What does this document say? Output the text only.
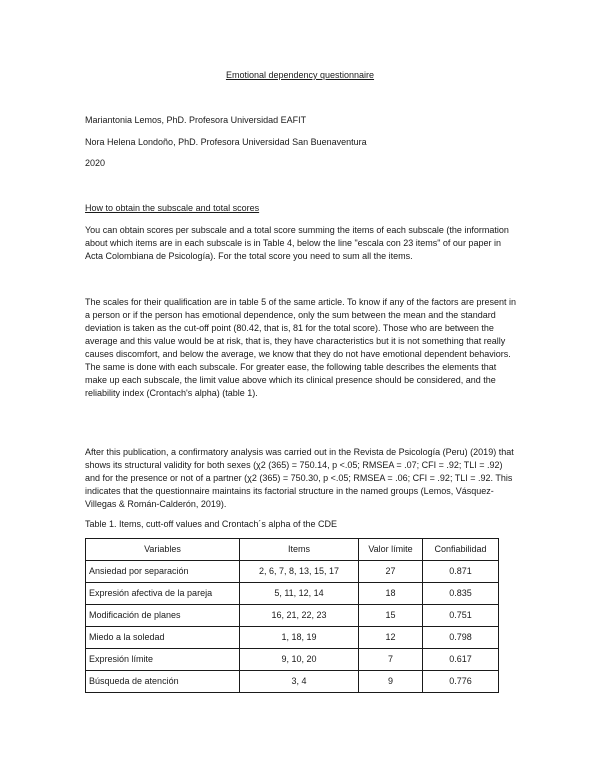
Emotional dependency questionnaire
Mariantonia Lemos, PhD. Profesora Universidad EAFIT
Nora Helena Londoño, PhD. Profesora Universidad San Buenaventura
2020
How to obtain the subscale and total scores
You can obtain scores per subscale and a total score summing the items of each subscale (the information about which items are in each subscale is in Table 4, below the line "escala con 23 items" of our paper in Acta Colombiana de Psicología). For the total score you need to sum all the items.
The scales for their qualification are in table 5 of the same article. To know if any of the factors are present in a person or if the person has emotional dependence, only the sum between the mean and the standard deviation is taken as the cut-off point (80.42, that is, 81 for the total score). Those who are between the average and this value would be at risk, that is, they have characteristics but it is not something that really causes discomfort, and below the average, we know that they do not have emotional dependent behaviors. The same is done with each subscale. For greater ease, the following table describes the elements that make up each subscale, the limit value above which its clinical presence should be considered, and the reliability index (Crontach's alpha) (table 1).
After this publication, a confirmatory analysis was carried out in the Revista de Psicología (Peru) (2019) that shows its structural validity for both sexes (χ2 (365) = 750.14, p <.05; RMSEA = .07; CFI = .92; TLI = .92) and for the presence or not of a partner (χ2 (365) = 750.30, p <.05; RMSEA = .06; CFI = .92; TLI = .92. This indicates that the questionnaire maintains its factorial structure in the named groups (Lemos, Vásquez-Villegas & Román-Calderón, 2019).
Table 1. Items, cutt-off values and Crontach´s alpha of the CDE
Variables	Items	Valor límite	Confiabilidad
Ansiedad por separación	2, 6, 7, 8, 13, 15, 17	27	0.871
Expresión afectiva de la pareja	5, 11, 12, 14	18	0.835
Modificación de planes	16, 21, 22, 23	15	0.751
Miedo a la soledad	1, 18, 19	12	0.798
Expresión límite	9, 10, 20	7	0.617
Búsqueda de atención	3, 4	9	0.776
